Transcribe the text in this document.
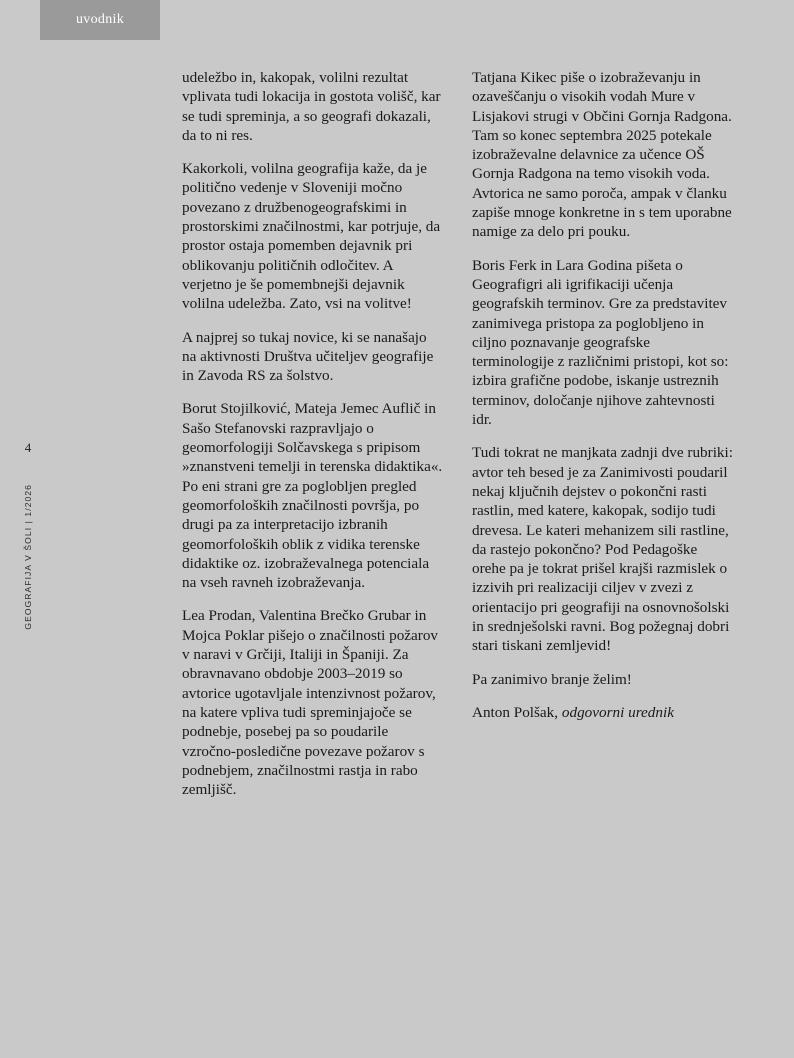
uvodnik
4
GEOGRAFIJA V ŠOLI | 1/2026

udeležbo in, kakopak, volilni rezultat vplivata tudi lokacija in gostota volišč, kar se tudi spreminja, a so geografi dokazali, da to ni res.

Kakorkoli, volilna geografija kaže, da je politično vedenje v Sloveniji močno povezano z družbenogeografskimi in prostorskimi značilnostmi, kar potrjuje, da prostor ostaja pomemben dejavnik pri oblikovanju političnih odločitev. A verjetno je še pomembnejši dejavnik volilna udeležba. Zato, vsi na volitve!

A najprej so tukaj novice, ki se nanašajo na aktivnosti Društva učiteljev geografije in Zavoda RS za šolstvo.

Borut Stojilković, Mateja Jemec Auflič in Sašo Stefanovski razpravljajo o geomorfologiji Solčavskega s pripisom »znanstveni temelji in terenska didaktika«. Po eni strani gre za poglobljen pregled geomorfoloških značilnosti površja, po drugi pa za interpretacijo izbranih geomorfoloških oblik z vidika terenske didaktike oz. izobraževalnega potenciala na vseh ravneh izobraževanja.

Lea Prodan, Valentina Brečko Grubar in Mojca Poklar pišejo o značilnosti požarov v naravi v Grčiji, Italiji in Španiji. Za obravnavano obdobje 2003–2019 so avtorice ugotavljale intenzivnost požarov, na katere vpliva tudi spreminjajoče se podnebje, posebej pa so poudarile vzročno-posledične povezave požarov s podnebjem, značilnostmi rastja in rabo zemljišč.

Tatjana Kikec piše o izobraževanju in ozaveščanju o visokih vodah Mure v Lisjakovi strugi v Občini Gornja Radgona. Tam so konec septembra 2025 potekale izobraževalne delavnice za učence OŠ Gornja Radgona na temo visokih voda. Avtorica ne samo poroča, ampak v članku zapiše mnoge konkretne in s tem uporabne namige za delo pri pouku.

Boris Ferk in Lara Godina pišeta o Geografigri ali igrifikaciji učenja geografskih terminov. Gre za predstavitev zanimivega pristopa za poglobljeno in ciljno poznavanje geografske terminologije z različnimi pristopi, kot so: izbira grafične podobe, iskanje ustreznih terminov, določanje njihove zahtevnosti idr.

Tudi tokrat ne manjkata zadnji dve rubriki: avtor teh besed je za Zanimivosti poudaril nekaj ključnih dejstev o pokončni rasti rastlin, med katere, kakopak, sodijo tudi drevesa. Le kateri mehanizem sili rastline, da rastejo pokončno? Pod Pedagoške orehe pa je tokrat prišel krajši razmislek o izzivih pri realizaciji ciljev v zvezi z orientacijo pri geografiji na osnovnošolski in srednješolski ravni. Bog požegnaj dobri stari tiskani zemljevid!

Pa zanimivo branje želim!

Anton Polšak, odgovorni urednik
